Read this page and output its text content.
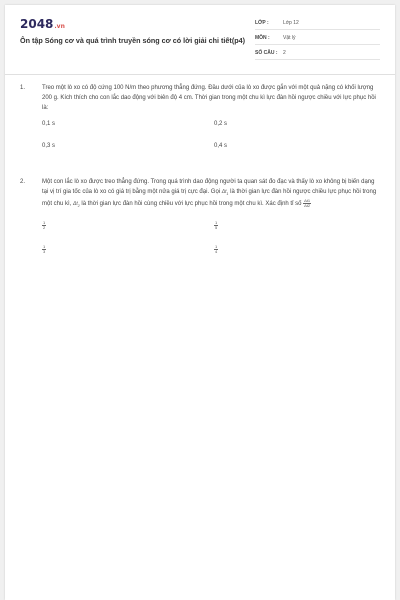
2048.vn
Ôn tập Sóng cơ và quá trình truyền sóng cơ có lời giải chi tiết(p4)
LỚP :	Lớp 12
MÔN :	Vật lý
SỐ CÂU :	2
1.	Treo một lò xo có độ cứng 100 N/m theo phương thẳng đứng. Đầu dưới của lò xo được gắn với một quả nặng có khối lượng 200 g. Kích thích cho con lắc dao động với biên độ 4 cm. Thời gian trong một chu kì lực đàn hồi ngược chiều với lực phục hồi là:
0,1 s	0,2 s
0,3 s	0,4 s
2.	Một con lắc lò xo được treo thẳng đứng. Trong quá trình dao động người ta quan sát đo đạc và thấy lò xo không bị biến dạng tại vị trí gia tốc của lò xo có giá trị bằng một nửa giá trị cực đại. Gọi $\Delta t_1$ là thời gian lực đàn hồi ngược chiều lực phục hồi trong một chu kì, $\Delta t_2$ là thời gian lực đàn hồi cùng chiều với lực phục hồi trong một chu kì. Xác định tỉ số $\frac{\Delta t1}{\Delta t2}$
$\frac{1}{2}$	$\frac{1}{5}$
$\frac{1}{3}$	$\frac{1}{4}$
